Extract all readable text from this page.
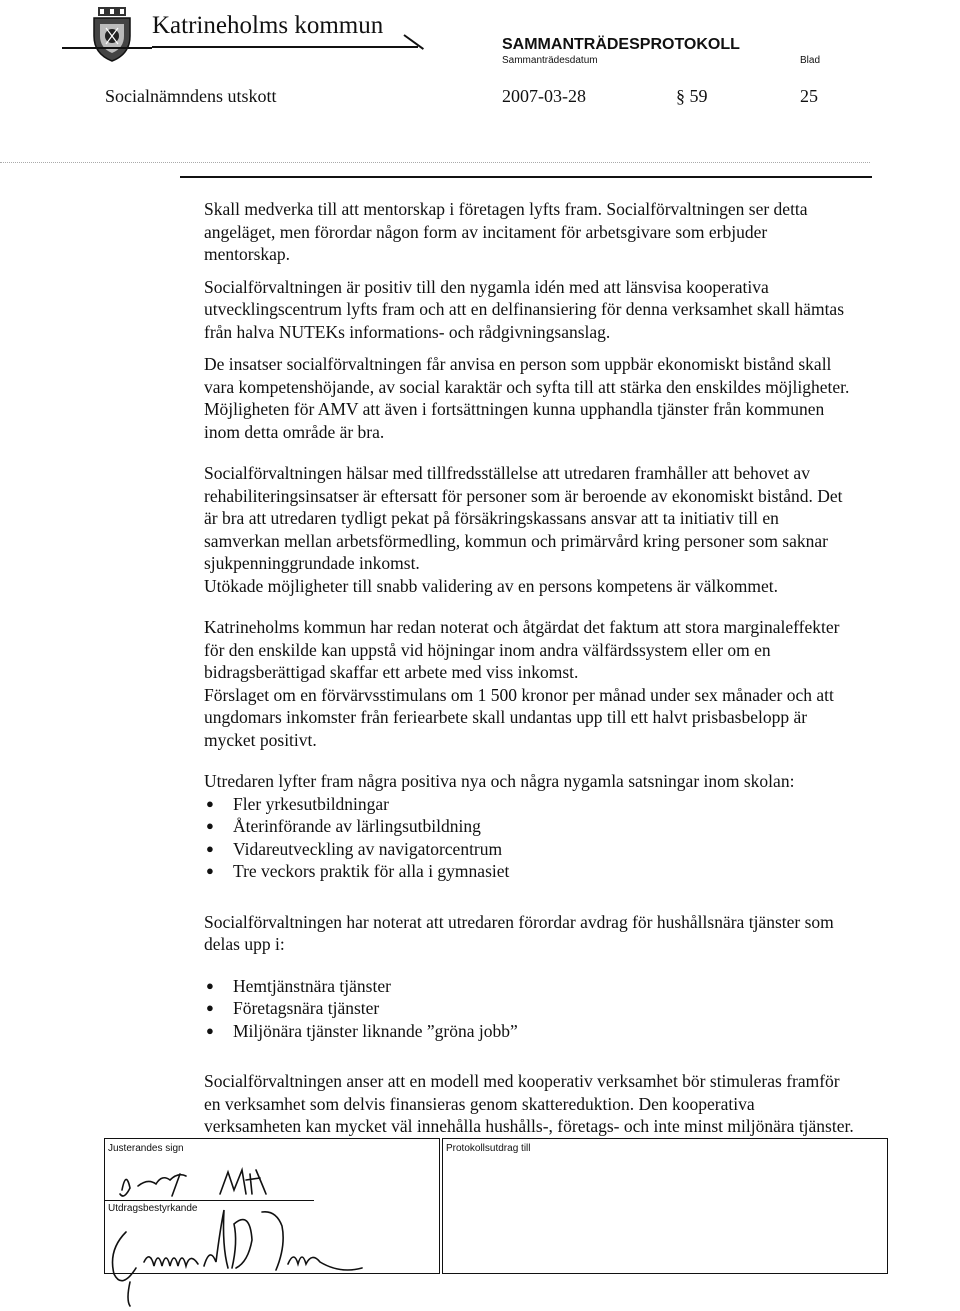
Katrineholms kommun
SAMMANTRÄDESPROTOKOLL
Sammanträdesdatum	Blad
Socialnämndens utskott	2007-03-28	§ 59	25

Skall medverka till att mentorskap i företagen lyfts fram. Socialförvaltningen ser detta angeläget, men förordar någon form av incitament för arbetsgivare som erbjuder mentorskap.

Socialförvaltningen är positiv till den nygamla idén med att länsvisa kooperativa utvecklingscentrum lyfts fram och att en delfinansiering för denna verksamhet skall hämtas från halva NUTEKs informations- och rådgivningsanslag.

De insatser socialförvaltningen får anvisa en person som uppbär ekonomiskt bistånd skall vara kompetenshöjande, av social karaktär och syfta till att stärka den enskildes möjligheter. Möjligheten för AMV att även i fortsättningen kunna upphandla tjänster från kommunen inom detta område är bra.

Socialförvaltningen hälsar med tillfredsställelse att utredaren framhåller att behovet av rehabiliteringsinsatser är eftersatt för personer som är beroende av ekonomiskt bistånd. Det är bra att utredaren tydligt pekat på försäkringskassans ansvar att ta initiativ till en samverkan mellan arbetsförmedling, kommun och primärvård kring personer som saknar sjukpenninggrundade inkomst.

Utökade möjligheter till snabb validering av en persons kompetens är välkommet.

Katrineholms kommun har redan noterat och åtgärdat det faktum att stora marginaleffekter för den enskilde kan uppstå vid höjningar inom andra välfärdssystem eller om en bidragsberättigad skaffar ett arbete med viss inkomst.

Förslaget om en förvärvsstimulans om 1 500 kronor per månad under sex månader och att ungdomars inkomster från feriearbete skall undantas upp till ett halvt prisbasbelopp är mycket positivt.

Utredaren lyfter fram några positiva nya och några nygamla satsningar inom skolan:

● Fler yrkesutbildningar
● Återinförande av lärlingsutbildning
● Vidareutveckling av navigatorcentrum
● Tre veckors praktik för alla i gymnasiet

Socialförvaltningen har noterat att utredaren förordar avdrag för hushållsnära tjänster som delas upp i:

● Hemtjänstnära tjänster
● Företagsnära tjänster
● Miljönära tjänster liknande ”gröna jobb”

Socialförvaltningen anser att en modell med kooperativ verksamhet bör stimuleras framför en verksamhet som delvis finansieras genom skattereduktion. Den kooperativa verksamheten kan mycket väl innehålla hushålls-, företags- och inte minst miljönära tjänster.

Justerandes sign
Utdragsbestyrkande
Protokollsutdrag till
